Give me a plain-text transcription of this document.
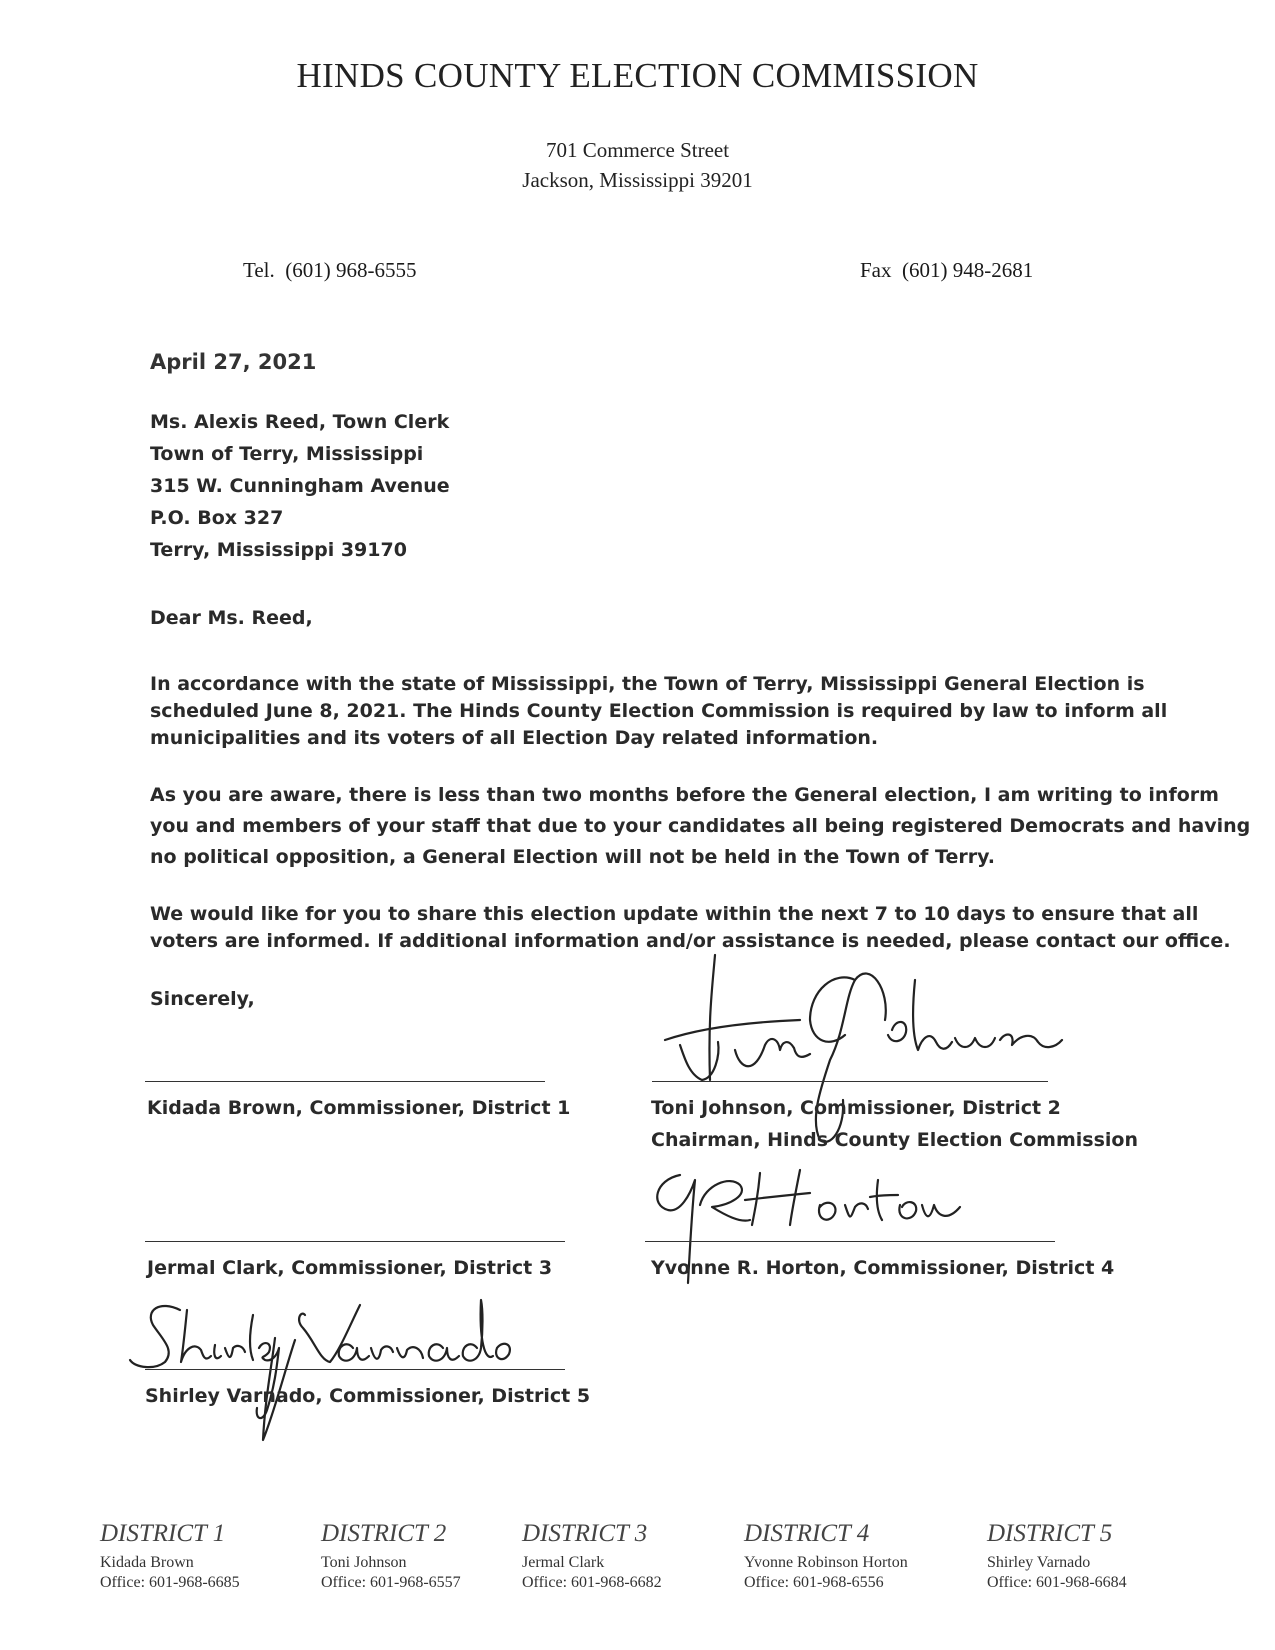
HINDS COUNTY ELECTION COMMISSION
701 Commerce Street
Jackson, Mississippi 39201
Tel.  (601) 968-6555	Fax  (601) 948-2681
April 27, 2021
Ms. Alexis Reed, Town Clerk
Town of Terry, Mississippi
315 W. Cunningham Avenue
P.O. Box 327
Terry, Mississippi 39170
Dear Ms. Reed,
In accordance with the state of Mississippi, the Town of Terry, Mississippi General Election is
scheduled June 8, 2021. The Hinds County Election Commission is required by law to inform all
municipalities and its voters of all Election Day related information.
As you are aware, there is less than two months before the General election, I am writing to inform
you and members of your staff that due to your candidates all being registered Democrats and having
no political opposition, a General Election will not be held in the Town of Terry.
We would like for you to share this election update within the next 7 to 10 days to ensure that all
voters are informed. If additional information and/or assistance is needed, please contact our office.
Sincerely,
Kidada Brown, Commissioner, District 1	Toni Johnson, Commissioner, District 2
Chairman, Hinds County Election Commission
Jermal Clark, Commissioner, District 3	Yvonne R. Horton, Commissioner, District 4
Shirley Varnado, Commissioner, District 5
DISTRICT 1
Kidada Brown
Office: 601-968-6685
DISTRICT 2
Toni Johnson
Office: 601-968-6557
DISTRICT 3
Jermal Clark
Office: 601-968-6682
DISTRICT 4
Yvonne Robinson Horton
Office: 601-968-6556
DISTRICT 5
Shirley Varnado
Office: 601-968-6684
